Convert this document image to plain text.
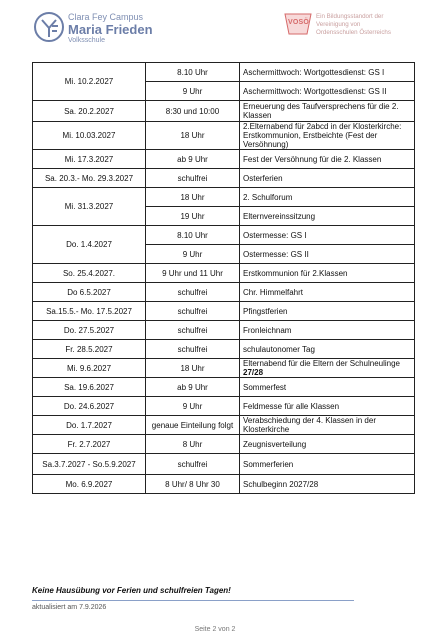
Clara Fey Campus
Maria Frieden
Volksschule
VOSÖ
Ein Bildungsstandort der
Vereinigung von
Ordensschulen Österreichs
Mi. 10.2.2027	8.10 Uhr	Aschermittwoch: Wortgottesdienst: GS I
	9 Uhr	Aschermittwoch: Wortgottesdienst: GS II
Sa. 20.2.2027	8:30 und 10:00	Erneuerung des Taufversprechens für die 2. Klassen
Mi. 10.03.2027	18 Uhr	2.Elternabend für 2abcd in der Klosterkirche: Erstkommunion, Erstbeichte (Fest der Versöhnung)
Mi. 17.3.2027	ab 9 Uhr	Fest der Versöhnung für die 2. Klassen
Sa. 20.3.- Mo. 29.3.2027	schulfrei	Osterferien
Mi. 31.3.2027	18 Uhr	2. Schulforum
	19 Uhr	Elternvereinssitzung
Do. 1.4.2027	8.10 Uhr	Ostermesse: GS I
	9 Uhr	Ostermesse: GS II
So. 25.4.2027.	9 Uhr und 11 Uhr	Erstkommunion für 2.Klassen
Do 6.5.2027	schulfrei	Chr. Himmelfahrt
Sa.15.5.- Mo. 17.5.2027	schulfrei	Pfingstferien
Do. 27.5.2027	schulfrei	Fronleichnam
Fr. 28.5.2027	schulfrei	schulautonomer Tag
Mi. 9.6.2027	18 Uhr	Elternabend für die Eltern der Schulneulinge 27/28
Sa. 19.6.2027	ab 9 Uhr	Sommerfest
Do. 24.6.2027	9 Uhr	Feldmesse für alle Klassen
Do. 1.7.2027	genaue Einteilung folgt	Verabschiedung der 4. Klassen in der Klosterkirche
Fr. 2.7.2027	8 Uhr	Zeugnisverteilung
Sa.3.7.2027 - So.5.9.2027	schulfrei	Sommerferien
Mo. 6.9.2027	8 Uhr/ 8 Uhr 30	Schulbeginn 2027/28
Keine Hausübung vor Ferien und schulfreien Tagen!
aktualisiert am 7.9.2026
Seite 2 von 2
